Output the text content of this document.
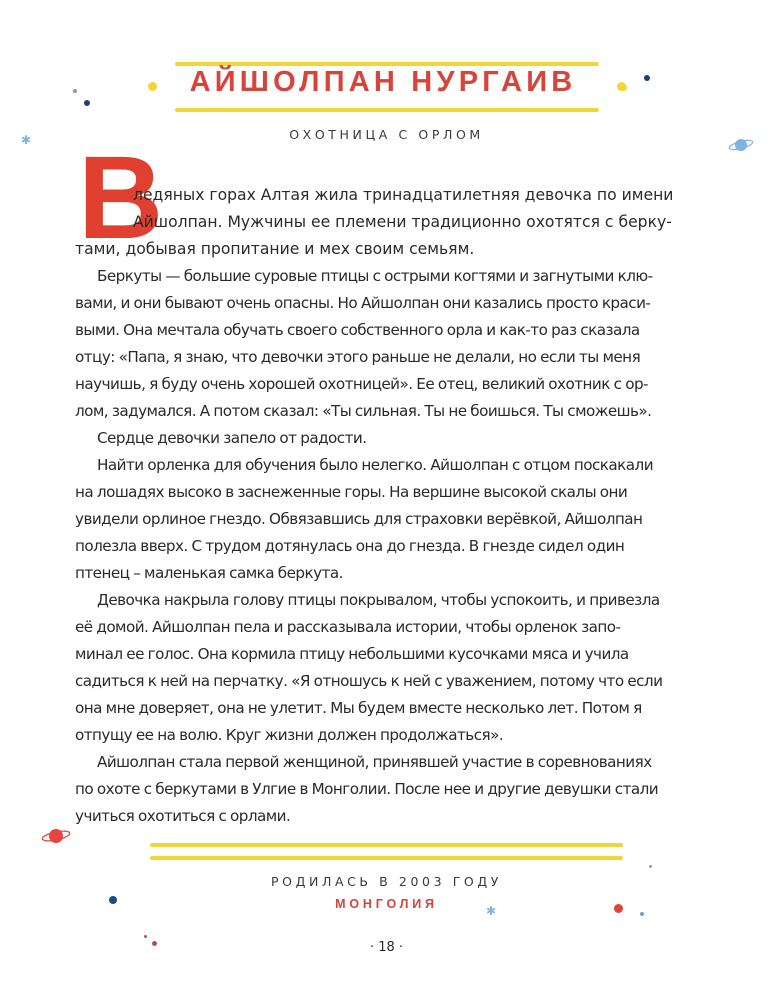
АЙШОЛПАН НУРГАИВ
ОХОТНИЦА С ОРЛОМ
✱ В
ледяных горах Алтая жила тринадцатилетняя девочка по имени
Айшолпан. Мужчины ее племени традиционно охотятся с берку-
тами, добывая пропитание и мех своим семьям.
Беркуты — большие суровые птицы с острыми когтями и загнутыми клю-
вами, и они бывают очень опасны. Но Айшолпан они казались просто краси-
выми. Она мечтала обучать своего собственного орла и как-то раз сказала
отцу: «Папа, я знаю, что девочки этого раньше не делали, но если ты меня
научишь, я буду очень хорошей охотницей». Ее отец, великий охотник с ор-
лом, задумался. А потом сказал: «Ты сильная. Ты не боишься. Ты сможешь».
Сердце девочки запело от радости.
Найти орленка для обучения было нелегко. Айшолпан с отцом поскакали
на лошадях высоко в заснеженные горы. На вершине высокой скалы они
увидели орлиное гнездо. Обвязавшись для страховки верёвкой, Айшолпан
полезла вверх. С трудом дотянулась она до гнезда. В гнезде сидел один
птенец – маленькая самка беркута.
Девочка накрыла голову птицы покрывалом, чтобы успокоить, и привезла
её домой. Айшолпан пела и рассказывала истории, чтобы орленок запо-
минал ее голос. Она кормила птицу небольшими кусочками мяса и учила
садиться к ней на перчатку. «Я отношусь к ней с уважением, потому что если
она мне доверяет, она не улетит. Мы будем вместе несколько лет. Потом я
отпущу ее на волю. Круг жизни должен продолжаться».
Айшолпан стала первой женщиной, принявшей участие в соревнованиях
по охоте с беркутами в Улгие в Монголии. После нее и другие девушки стали
учиться охотиться с орлами.
РОДИЛАСЬ В 2003 ГОДУ
МОНГОЛИЯ
· 18 ·
✱
